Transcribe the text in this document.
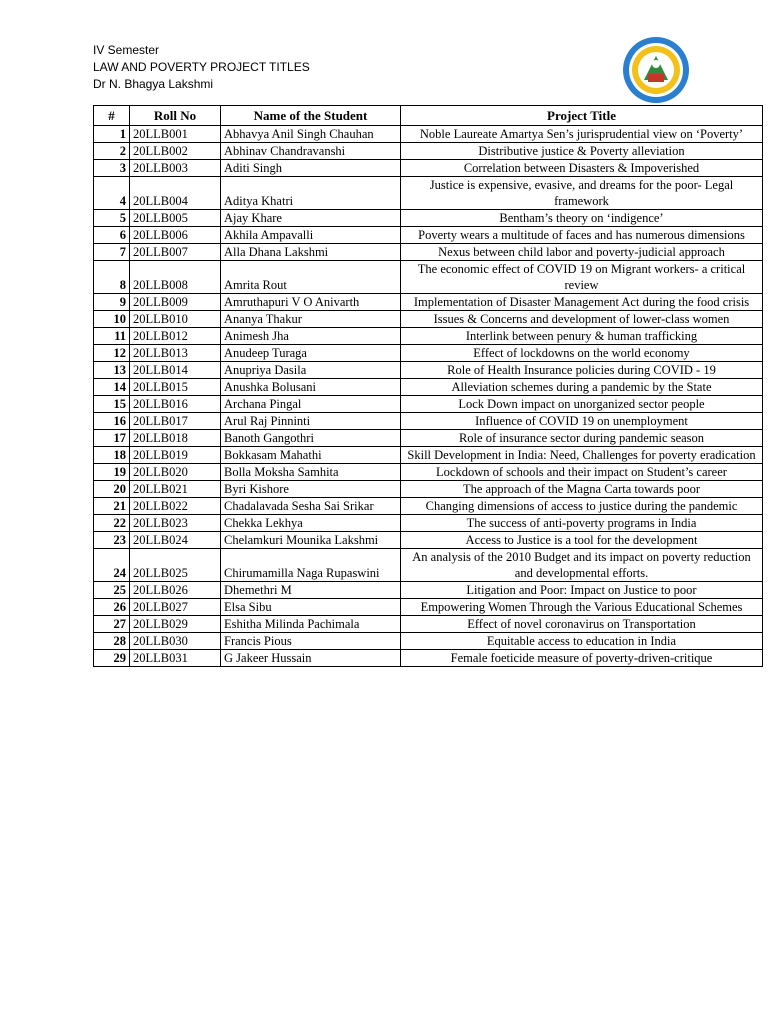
IV Semester
LAW AND POVERTY PROJECT TITLES
Dr N. Bhagya Lakshmi
#	Roll No	Name of the Student	Project Title
1	20LLB001	Abhavya Anil Singh Chauhan	Noble Laureate Amartya Sen’s jurisprudential view on ‘Poverty’
2	20LLB002	Abhinav Chandravanshi	Distributive justice & Poverty alleviation
3	20LLB003	Aditi Singh	Correlation between Disasters & Impoverished
4	20LLB004	Aditya Khatri	Justice is expensive, evasive, and dreams for the poor- Legal framework
5	20LLB005	Ajay Khare	Bentham’s theory on ‘indigence’
6	20LLB006	Akhila Ampavalli	Poverty wears a multitude of faces and has numerous dimensions
7	20LLB007	Alla Dhana Lakshmi	Nexus between child labor and poverty-judicial approach
8	20LLB008	Amrita Rout	The economic effect of COVID 19 on Migrant workers- a critical review
9	20LLB009	Amruthapuri V O Anivarth	Implementation of Disaster Management Act during the food crisis
10	20LLB010	Ananya Thakur	Issues & Concerns and development of lower-class women
11	20LLB012	Animesh Jha	Interlink between penury & human trafficking
12	20LLB013	Anudeep Turaga	Effect of lockdowns on the world economy
13	20LLB014	Anupriya Dasila	Role of Health Insurance policies during COVID - 19
14	20LLB015	Anushka Bolusani	Alleviation schemes during a pandemic by the State
15	20LLB016	Archana Pingal	Lock Down impact on unorganized sector people
16	20LLB017	Arul Raj Pinninti	Influence of COVID 19 on unemployment
17	20LLB018	Banoth Gangothri	Role of insurance sector during pandemic season
18	20LLB019	Bokkasam Mahathi	Skill Development in India: Need, Challenges for poverty eradication
19	20LLB020	Bolla Moksha Samhita	Lockdown of schools and their impact on Student’s career
20	20LLB021	Byri Kishore	The approach of the Magna Carta towards poor
21	20LLB022	Chadalavada Sesha Sai Srikar	Changing dimensions of access to justice during the pandemic
22	20LLB023	Chekka Lekhya	The success of anti-poverty programs in India
23	20LLB024	Chelamkuri Mounika Lakshmi	Access to Justice is a tool for the development
24	20LLB025	Chirumamilla Naga Rupaswini	An analysis of the 2010 Budget and its impact on poverty reduction and developmental efforts.
25	20LLB026	Dhemethri M	Litigation and Poor: Impact on Justice to poor
26	20LLB027	Elsa Sibu	Empowering Women Through the Various Educational Schemes
27	20LLB029	Eshitha Milinda Pachimala	Effect of novel coronavirus on Transportation
28	20LLB030	Francis Pious	Equitable access to education in India
29	20LLB031	G Jakeer Hussain	Female foeticide measure of poverty-driven-critique
